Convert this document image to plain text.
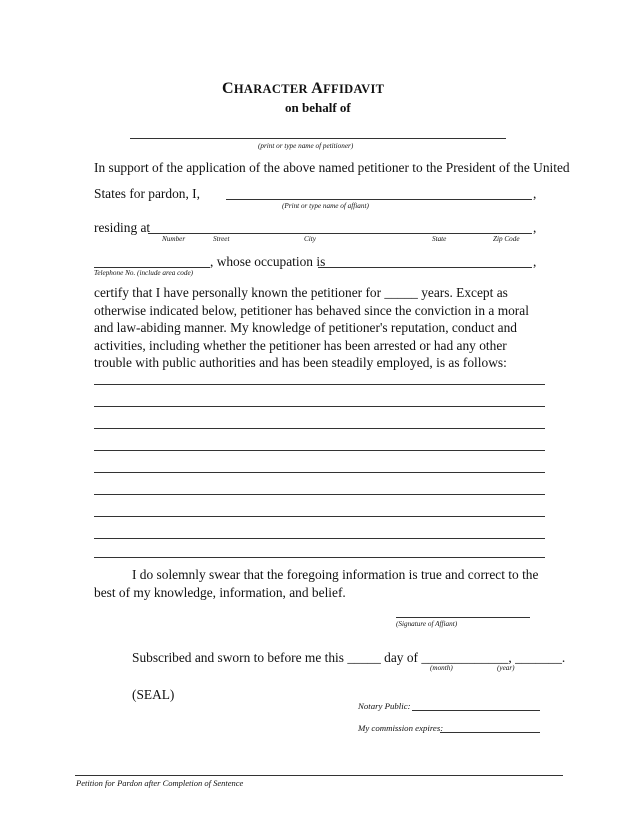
CHARACTER AFFIDAVIT
on behalf of
(print or type name of petitioner)
In support of the application of the above named petitioner to the President of the United
States for pardon, I,	,
(Print or type name of affiant)
residing at	,
Number	Street	City	State	Zip Code
, whose occupation is	,
Telephone No. (include area code)
certify that I have personally known the petitioner for _____ years. Except as otherwise indicated below, petitioner has behaved since the conviction in a moral and law-abiding manner. My knowledge of petitioner's reputation, conduct and activities, including whether the petitioner has been arrested or had any other trouble with public authorities and has been steadily employed, is as follows:
I do solemnly swear that the foregoing information is true and correct to the best of my knowledge, information, and belief.
(Signature of Affiant)
Subscribed and sworn to before me this _____ day of _____________, _______.
(month)	(year)
(SEAL)
Notary Public:
My commission expires:
Petition for Pardon after Completion of Sentence
